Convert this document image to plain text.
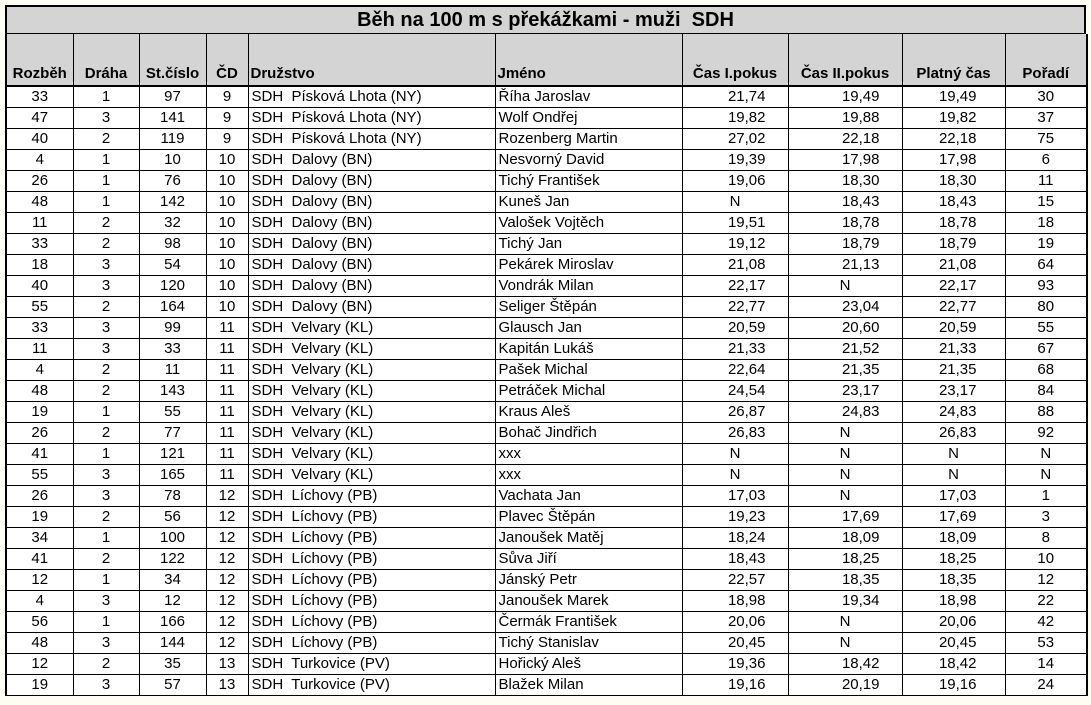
Běh na 100 m s překážkami - muži  SDH
Rozběh	Dráha	St.číslo	ČD	Družstvo	Jméno	Čas I.pokus	Čas II.pokus	Platný čas	Pořadí
33	1	97	9	SDH  Písková Lhota (NY)	Říha Jaroslav	21,74	19,49	19,49	30
47	3	141	9	SDH  Písková Lhota (NY)	Wolf Ondřej	19,82	19,88	19,82	37
40	2	119	9	SDH  Písková Lhota (NY)	Rozenberg Martin	27,02	22,18	22,18	75
4	1	10	10	SDH  Dalovy (BN)	Nesvorný David	19,39	17,98	17,98	6
26	1	76	10	SDH  Dalovy (BN)	Tichý František	19,06	18,30	18,30	11
48	1	142	10	SDH  Dalovy (BN)	Kuneš Jan	N	18,43	18,43	15
11	2	32	10	SDH  Dalovy (BN)	Valošek Vojtěch	19,51	18,78	18,78	18
33	2	98	10	SDH  Dalovy (BN)	Tichý Jan	19,12	18,79	18,79	19
18	3	54	10	SDH  Dalovy (BN)	Pekárek Miroslav	21,08	21,13	21,08	64
40	3	120	10	SDH  Dalovy (BN)	Vondrák Milan	22,17	N	22,17	93
55	2	164	10	SDH  Dalovy (BN)	Seliger Štěpán	22,77	23,04	22,77	80
33	3	99	11	SDH  Velvary (KL)	Glausch Jan	20,59	20,60	20,59	55
11	3	33	11	SDH  Velvary (KL)	Kapitán Lukáš	21,33	21,52	21,33	67
4	2	11	11	SDH  Velvary (KL)	Pašek Michal	22,64	21,35	21,35	68
48	2	143	11	SDH  Velvary (KL)	Petráček Michal	24,54	23,17	23,17	84
19	1	55	11	SDH  Velvary (KL)	Kraus Aleš	26,87	24,83	24,83	88
26	2	77	11	SDH  Velvary (KL)	Bohač Jindřich	26,83	N	26,83	92
41	1	121	11	SDH  Velvary (KL)	xxx	N	N	N	N
55	3	165	11	SDH  Velvary (KL)	xxx	N	N	N	N
26	3	78	12	SDH  Líchovy (PB)	Vachata Jan	17,03	N	17,03	1
19	2	56	12	SDH  Líchovy (PB)	Plavec Štěpán	19,23	17,69	17,69	3
34	1	100	12	SDH  Líchovy (PB)	Janoušek Matěj	18,24	18,09	18,09	8
41	2	122	12	SDH  Líchovy (PB)	Sůva Jiří	18,43	18,25	18,25	10
12	1	34	12	SDH  Líchovy (PB)	Jánský Petr	22,57	18,35	18,35	12
4	3	12	12	SDH  Líchovy (PB)	Janoušek Marek	18,98	19,34	18,98	22
56	1	166	12	SDH  Líchovy (PB)	Čermák František	20,06	N	20,06	42
48	3	144	12	SDH  Líchovy (PB)	Tichý Stanislav	20,45	N	20,45	53
12	2	35	13	SDH  Turkovice (PV)	Hořický Aleš	19,36	18,42	18,42	14
19	3	57	13	SDH  Turkovice (PV)	Blažek Milan	19,16	20,19	19,16	24
